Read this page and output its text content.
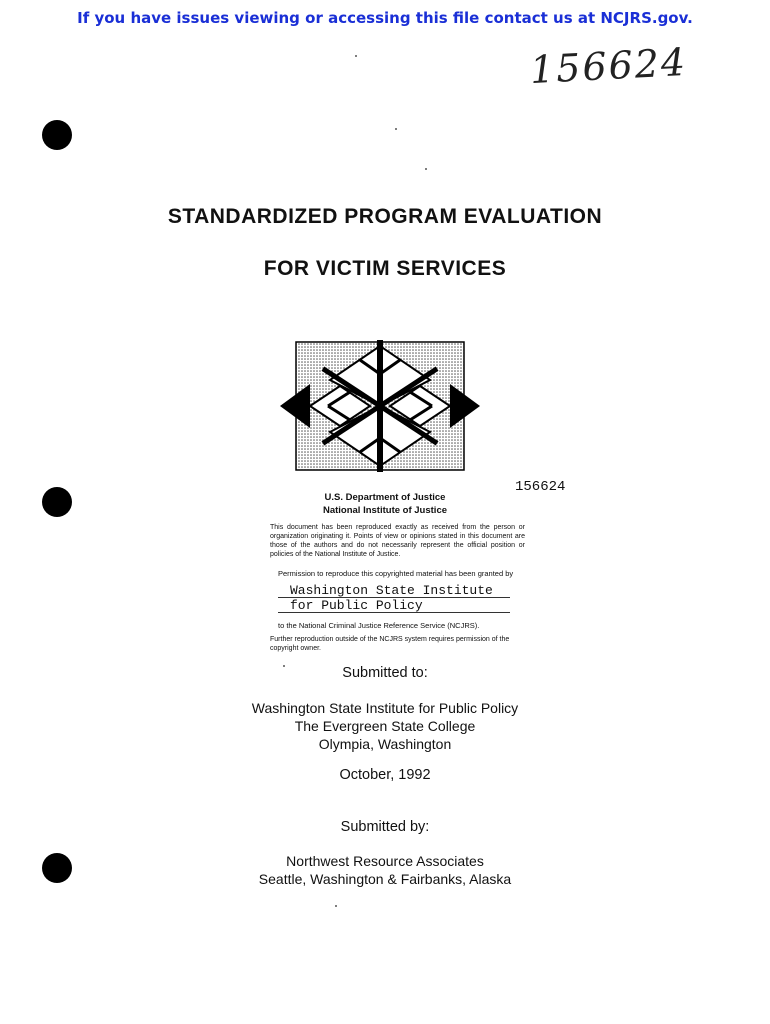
If you have issues viewing or accessing this file contact us at NCJRS.gov.
156624
STANDARDIZED PROGRAM EVALUATION
FOR VICTIM SERVICES
156624
U.S. Department of Justice
National Institute of Justice
This document has been reproduced exactly as received from the person or organization originating it. Points of view or opinions stated in this document are those of the authors and do not necessarily represent the official position or policies of the National Institute of Justice.
Permission to reproduce this copyrighted material has been granted by
Washington State Institute
for Public Policy
to the National Criminal Justice Reference Service (NCJRS).
Further reproduction outside of the NCJRS system requires permission of the copyright owner.
Submitted to:
Washington State Institute for Public Policy
The Evergreen State College
Olympia, Washington
October, 1992
Submitted by:
Northwest Resource Associates
Seattle, Washington & Fairbanks, Alaska
